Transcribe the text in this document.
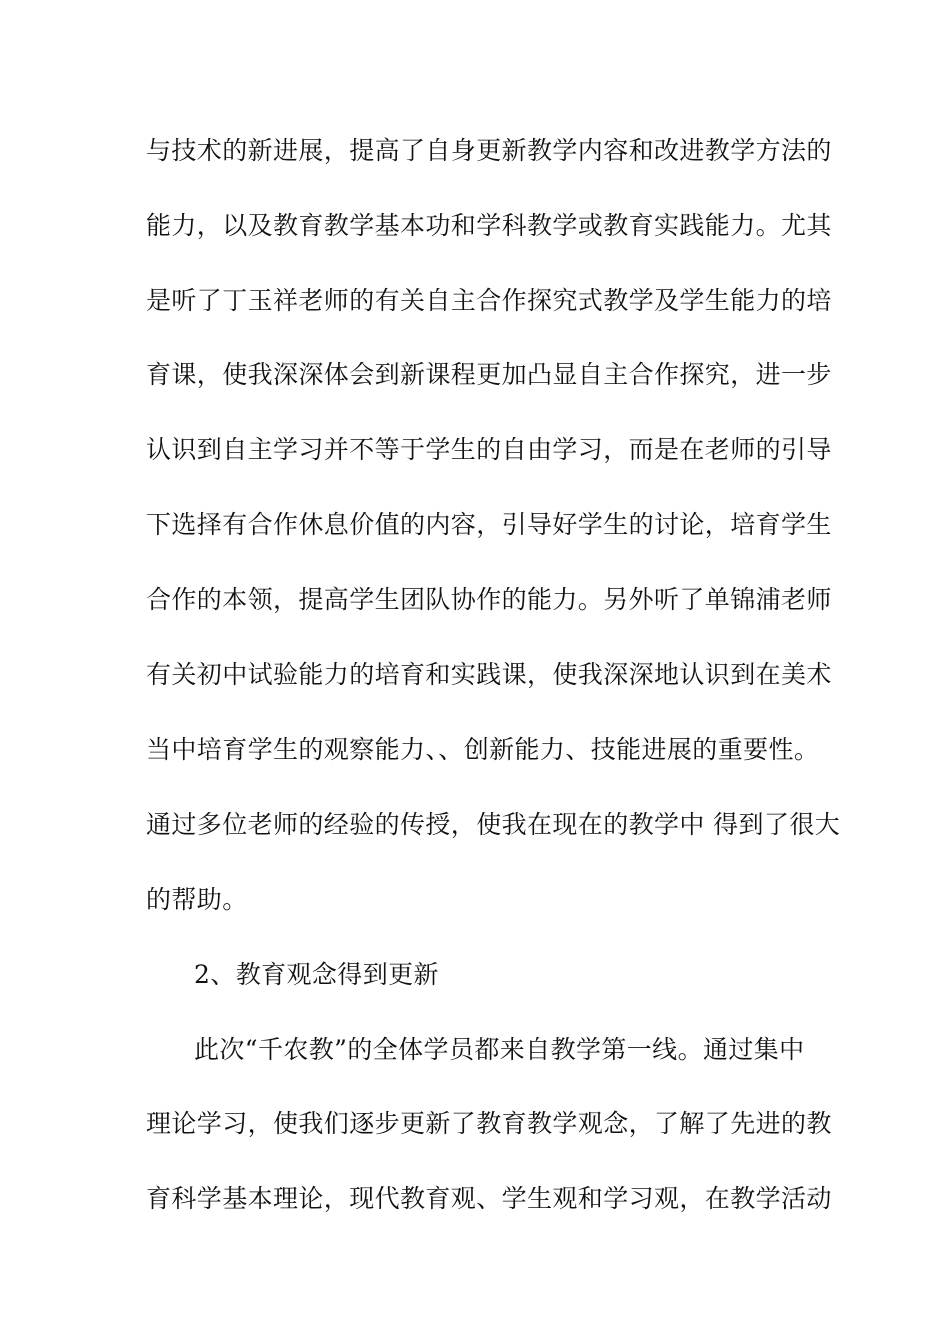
与技术的新进展，提高了自身更新教学内容和改进教学方法的
能力，以及教育教学基本功和学科教学或教育实践能力。尤其
是听了丁玉祥老师的有关自主合作探究式教学及学生能力的培
育课，使我深深体会到新课程更加凸显自主合作探究，进一步
认识到自主学习并不等于学生的自由学习，而是在老师的引导
下选择有合作休息价值的内容，引导好学生的讨论，培育学生
合作的本领，提高学生团队协作的能力。另外听了单锦浦老师
有关初中试验能力的培育和实践课，使我深深地认识到在美术
当中培育学生的观察能力、、创新能力、技能进展的重要性。
通过多位老师的经验的传授，使我在现在的教学中 得到了很大
的帮助。
2、教育观念得到更新
此次“千农教”的全体学员都来自教学第一线。通过集中
理论学习，使我们逐步更新了教育教学观念，了解了先进的教
育科学基本理论，现代教育观、学生观和学习观，在教学活动
